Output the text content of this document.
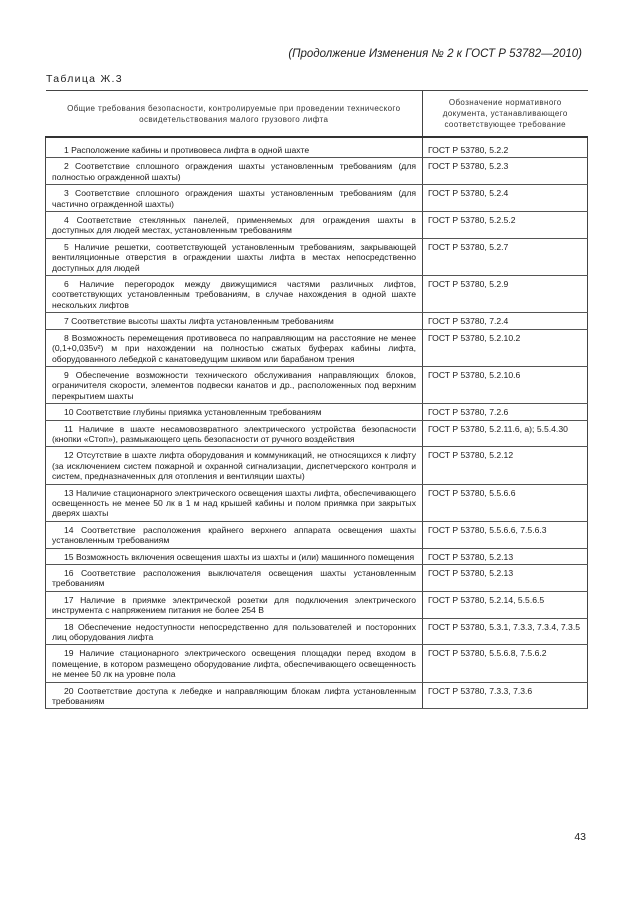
(Продолжение Изменения № 2 к ГОСТ Р 53782—2010)
Таблица Ж.3
Общие требования безопасности, контролируемые при проведении технического освидетельствования малого грузового лифта	Обозначение нормативного документа, устанавливающего соответствующее требование
1 Расположение кабины и противовеса лифта в одной шахте	ГОСТ Р 53780, 5.2.2
2 Соответствие сплошного ограждения шахты установленным требованиям (для полностью огражденной шахты)	ГОСТ Р 53780, 5.2.3
3 Соответствие сплошного ограждения шахты установленным требованиям (для частично огражденной шахты)	ГОСТ Р 53780, 5.2.4
4 Соответствие стеклянных панелей, применяемых для ограждения шахты в доступных для людей местах, установленным требованиям	ГОСТ Р 53780, 5.2.5.2
5 Наличие решетки, соответствующей установленным требованиям, закрывающей вентиляционные отверстия в ограждении шахты лифта в местах непосредственно доступных для людей	ГОСТ Р 53780, 5.2.7
6 Наличие перегородок между движущимися частями различных лифтов, соответствующих установленным требованиям, в случае нахождения в одной шахте нескольких лифтов	ГОСТ Р 53780, 5.2.9
7 Соответствие высоты шахты лифта установленным требованиям	ГОСТ Р 53780, 7.2.4
8 Возможность перемещения противовеса по направляющим на расстояние не менее (0,1+0,035v²) м при нахождении на полностью сжатых буферах кабины лифта, оборудованного лебедкой с канатоведущим шкивом или барабаном трения	ГОСТ Р 53780, 5.2.10.2
9 Обеспечение возможности технического обслуживания направляющих блоков, ограничителя скорости, элементов подвески канатов и др., расположенных под верхним перекрытием шахты	ГОСТ Р 53780, 5.2.10.6
10 Соответствие глубины приямка установленным требованиям	ГОСТ Р 53780, 7.2.6
11 Наличие в шахте несамовозвратного электрического устройства безопасности (кнопки «Стоп»), размыкающего цепь безопасности от ручного воздействия	ГОСТ Р 53780, 5.2.11.6, а); 5.5.4.30
12 Отсутствие в шахте лифта оборудования и коммуникаций, не относящихся к лифту (за исключением систем пожарной и охранной сигнализации, диспетчерского контроля и систем, предназначенных для отопления и вентиляции шахты)	ГОСТ Р 53780, 5.2.12
13 Наличие стационарного электрического освещения шахты лифта, обеспечивающего освещенность не менее 50 лк в 1 м над крышей кабины и полом приямка при закрытых дверях шахты	ГОСТ Р 53780, 5.5.6.6
14 Соответствие расположения крайнего верхнего аппарата освещения шахты установленным требованиям	ГОСТ Р 53780, 5.5.6.6, 7.5.6.3
15 Возможность включения освещения шахты из шахты и (или) машинного помещения	ГОСТ Р 53780, 5.2.13
16 Соответствие расположения выключателя освещения шахты установленным требованиям	ГОСТ Р 53780, 5.2.13
17 Наличие в приямке электрической розетки для подключения электрического инструмента с напряжением питания не более 254 В	ГОСТ Р 53780, 5.2.14, 5.5.6.5
18 Обеспечение недоступности непосредственно для пользователей и посторонних лиц оборудования лифта	ГОСТ Р 53780, 5.3.1, 7.3.3, 7.3.4, 7.3.5
19 Наличие стационарного электрического освещения площадки перед входом в помещение, в котором размещено оборудование лифта, обеспечивающего освещенность не менее 50 лк на уровне пола	ГОСТ Р 53780, 5.5.6.8, 7.5.6.2
20 Соответствие доступа к лебедке и направляющим блокам лифта установленным требованиям	ГОСТ Р 53780, 7.3.3, 7.3.6
43
